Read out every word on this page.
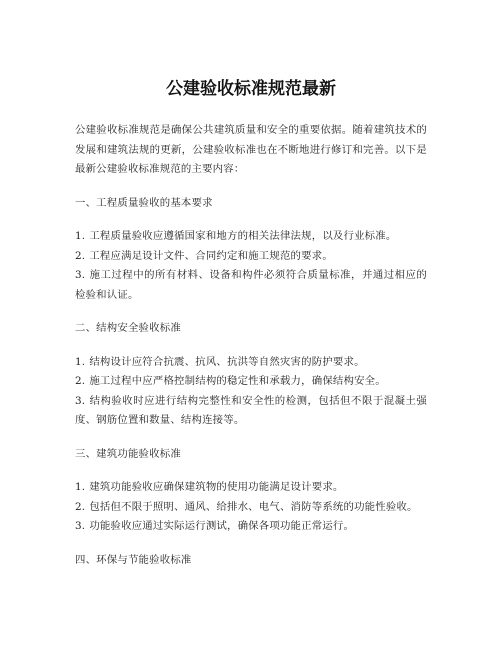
公建验收标准规范最新

公建验收标准规范是确保公共建筑质量和安全的重要依据。随着建筑技术的发展和建筑法规的更新，公建验收标准也在不断地进行修订和完善。以下是最新公建验收标准规范的主要内容：

一、工程质量验收的基本要求

1. 工程质量验收应遵循国家和地方的相关法律法规，以及行业标准。
2. 工程应满足设计文件、合同约定和施工规范的要求。
3. 施工过程中的所有材料、设备和构件必须符合质量标准，并通过相应的检验和认证。

二、结构安全验收标准

1. 结构设计应符合抗震、抗风、抗洪等自然灾害的防护要求。
2. 施工过程中应严格控制结构的稳定性和承载力，确保结构安全。
3. 结构验收时应进行结构完整性和安全性的检测，包括但不限于混凝土强度、钢筋位置和数量、结构连接等。

三、建筑功能验收标准

1. 建筑功能验收应确保建筑物的使用功能满足设计要求。
2. 包括但不限于照明、通风、给排水、电气、消防等系统的功能性验收。
3. 功能验收应通过实际运行测试，确保各项功能正常运行。

四、环保与节能验收标准
